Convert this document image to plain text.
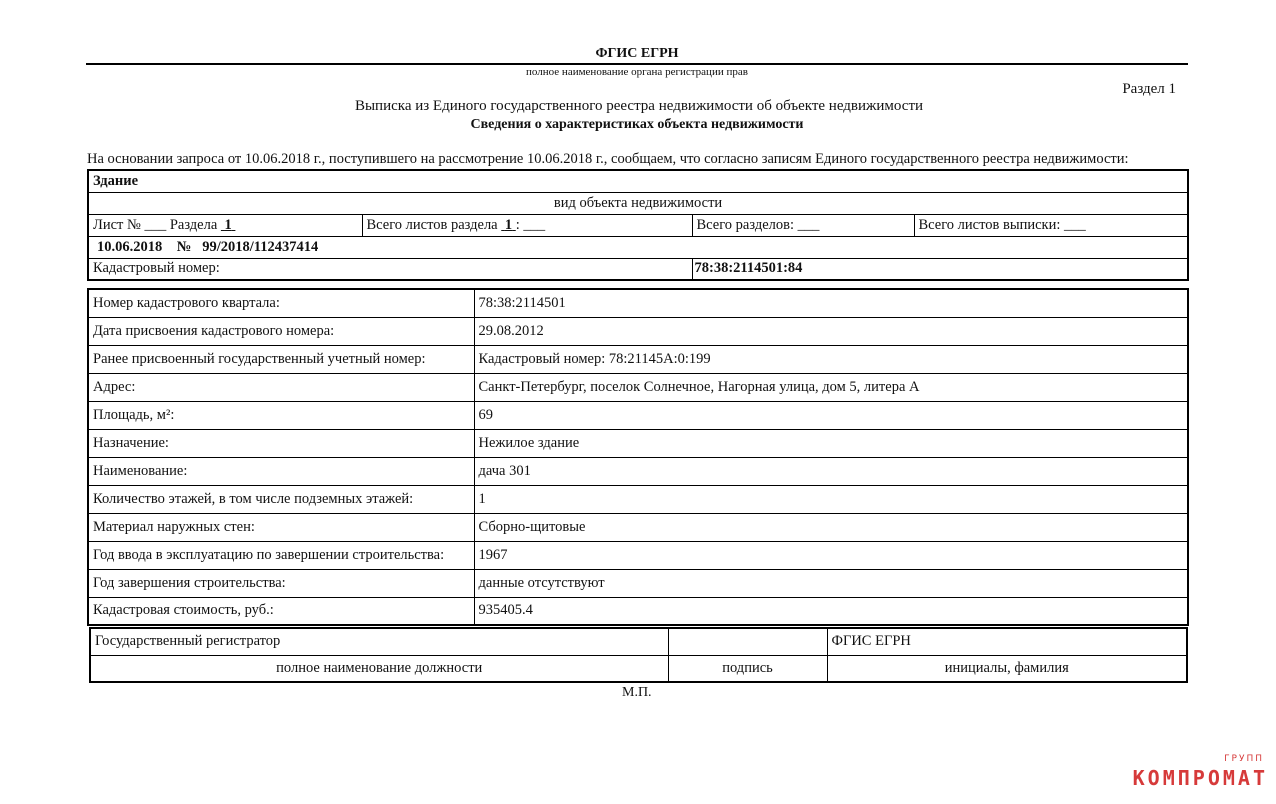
ФГИС ЕГРН
полное наименование органа регистрации прав
Раздел 1
Выписка из Единого государственного реестра недвижимости об объекте недвижимости
Сведения о характеристиках объекта недвижимости
На основании запроса от 10.06.2018 г., поступившего на рассмотрение 10.06.2018 г., сообщаем, что согласно записям Единого государственного реестра недвижимости:
Здание			
вид объекта недвижимости			
Лист № ___ Раздела 1	Всего листов раздела 1 : ___	Всего разделов: ___	Всего листов выписки: ___
10.06.2018 № 99/2018/112437414			
Кадастровый номер:		78:38:2114501:84	
Номер кадастрового квартала:	78:38:2114501
Дата присвоения кадастрового номера:	29.08.2012
Ранее присвоенный государственный учетный номер:	Кадастровый номер: 78:21145А:0:199
Адрес:	Санкт-Петербург, поселок Солнечное, Нагорная улица, дом 5, литера А
Площадь, м²:	69
Назначение:	Нежилое здание
Наименование:	дача 301
Количество этажей, в том числе подземных этажей:	1
Материал наружных стен:	Сборно-щитовые
Год ввода в эксплуатацию по завершении строительства:	1967
Год завершения строительства:	данные отсутствуют
Кадастровая стоимость, руб.:	935405.4
Государственный регистратор		ФГИС ЕГРН
полное наименование должности	подпись	инициалы, фамилия
М.П.
ГРУПП
КОМПРОМАТ
